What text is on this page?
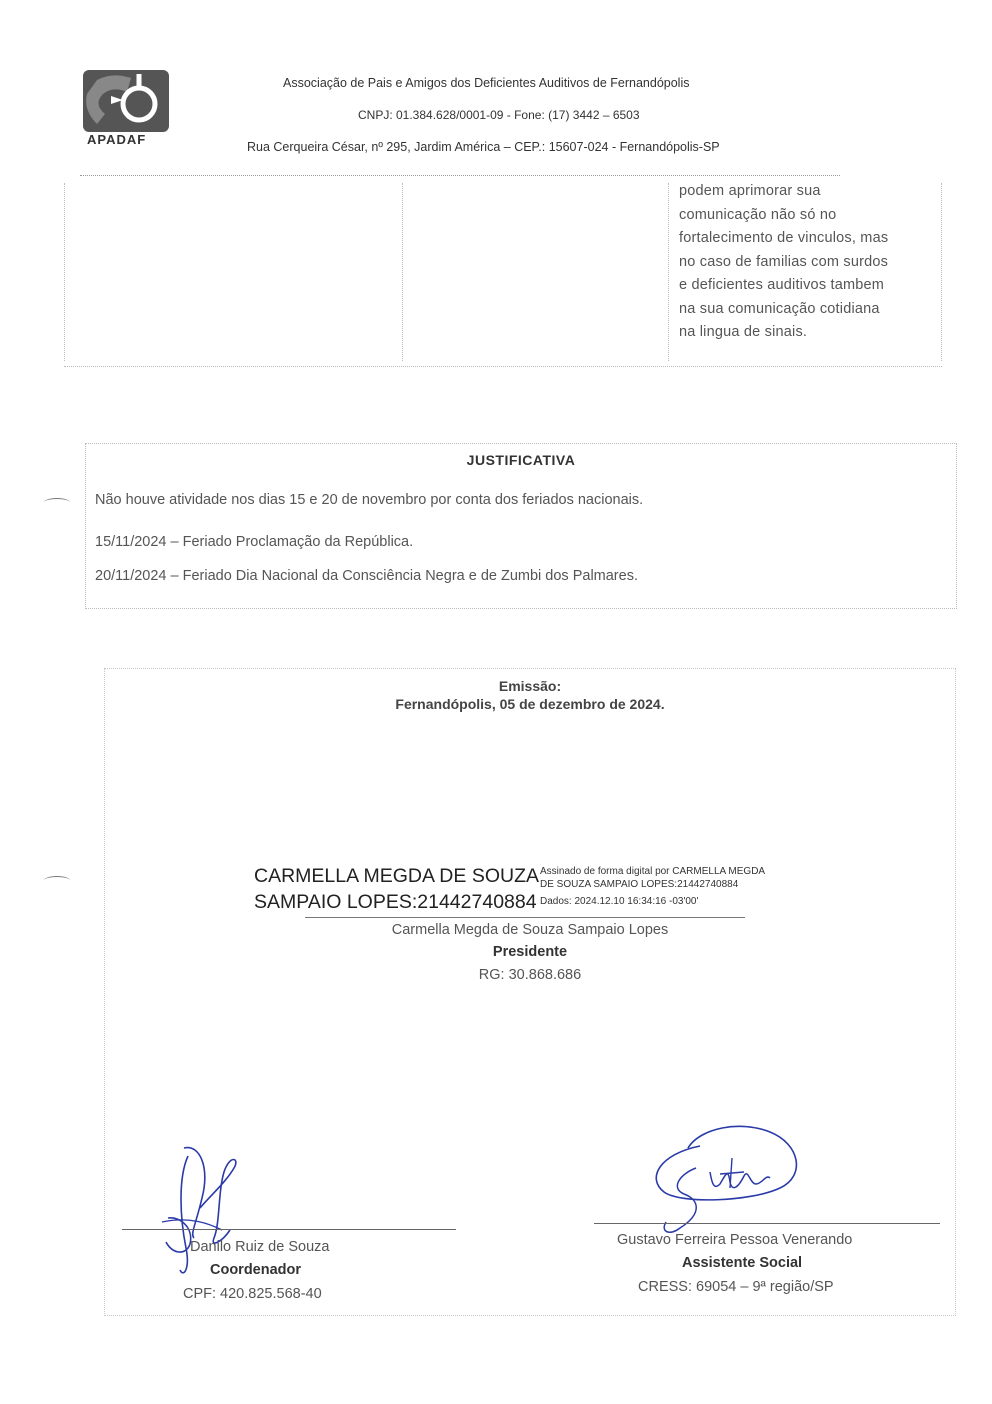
APADAF
Associação de Pais e Amigos dos Deficientes Auditivos de Fernandópolis
CNPJ: 01.384.628/0001-09 - Fone: (17) 3442 – 6503
Rua Cerqueira César, nº 295, Jardim América – CEP.: 15607-024 - Fernandópolis-SP
podem aprimorar sua
comunicação não só no
fortalecimento de vinculos, mas
no caso de familias com surdos
e deficientes auditivos tambem
na sua comunicação cotidiana
na lingua de sinais.
JUSTIFICATIVA
Não houve atividade nos dias 15 e 20 de novembro por conta dos feriados nacionais.
15/11/2024 – Feriado Proclamação da República.
20/11/2024 – Feriado Dia Nacional da Consciência Negra e de Zumbi dos Palmares.
Emissão:
Fernandópolis, 05 de dezembro de 2024.
CARMELLA MEGDA DE SOUZA
SAMPAIO LOPES:21442740884
Assinado de forma digital por CARMELLA MEGDA
DE SOUZA SAMPAIO LOPES:21442740884
Dados: 2024.12.10 16:34:16 -03'00'
Carmella Megda de Souza Sampaio Lopes
Presidente
RG: 30.868.686
Danilo Ruiz de Souza
Coordenador
CPF: 420.825.568-40
Gustavo Ferreira Pessoa Venerando
Assistente Social
CRESS: 69054 – 9ª região/SP
